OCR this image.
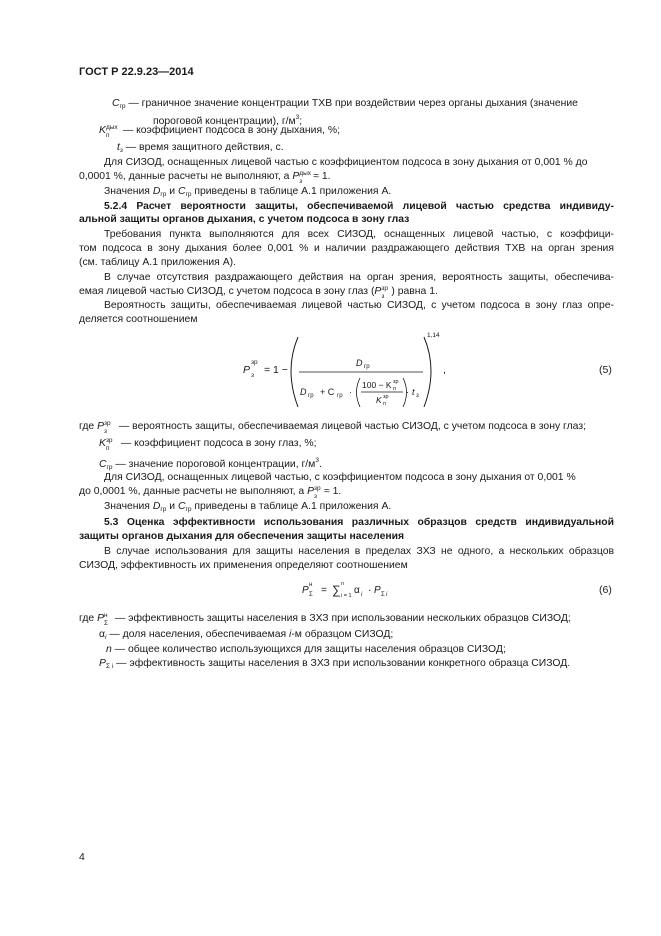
ГОСТ Р 22.9.23—2014
$C_{гр}$ — граничное значение концентрации ТХВ при воздействии через органы дыхания (значение
пороговой концентрации), $г/м^3$;
K дых
п — коэффициент подсоса в зону дыхания, %;
$t_з$ — время защитного действия, с.
Для СИЗОД, оснащенных лицевой частью с коэффициентом подсоса в зону дыхания от 0,001 % до
0,0001 %, данные расчеты не выполняют, а P дых
з ≈ 1.
Значения $D_{гр}$ и $C_{гр}$ приведены в таблице А.1 приложения А.
5.2.4 Расчет вероятности защиты, обеспечиваемой лицевой частью средства индивиду-
альной защиты органов дыхания, с учетом подсоса в зону глаз
Требования пункта выполняются для всех СИЗОД, оснащенных лицевой частью, с коэффици-
том подсоса в зону дыхания более 0,001 % и наличии раздражающего действия ТХВ на орган зрения
(см. таблицу А.1 приложения А).
В случае отсутствия раздражающего действия на орган зрения, вероятность защиты, обеспечива-
емая лицевой частью СИЗОД, с учетом подсоса в зону глаз (P зр
з ) равна 1.
Вероятность защиты, обеспечиваемая лицевой частью СИЗОД, с учетом подсоса в зону глаз опре-
деляется соотношением
P
зр
з = 1 −
1,14
,
D гр
D гр + C гр ·
100 − K зр
п
K зр
п
· t з
(5)
где P зр
з — вероятность защиты, обеспечиваемая лицевой частью СИЗОД, с учетом подсоса в зону глаз;
K зр
п — коэффициент подсоса в зону глаз, %;
$C_{гр}$ — значение пороговой концентрации, $г/м^3$.
Для СИЗОД, оснащенных лицевой частью, с коэффициентом подсоса в зону дыхания от 0,001 %
до 0,0001 %, данные расчеты не выполняют, а P зр
з ≈ 1.
Значения $D_{гр}$ и $C_{гр}$ приведены в таблице А.1 приложения А.
5.3 Оценка эффективности использования различных образцов средств индивидуальной
защиты органов дыхания для обеспечения защиты населения
В случае использования для защиты населения в пределах ЗХЗ не одного, а нескольких образцов
СИЗОД, эффективность их применения определяют соотношением
P н
Σ = ∑ n
i = 1 α i · P Σ i	(6)
где P н
Σ — эффективность защиты населения в ЗХЗ при использовании нескольких образцов СИЗОД;
$\alpha_i$ — доля населения, обеспечиваемая i-м образцом СИЗОД;
n — общее количество использующихся для защиты населения образцов СИЗОД;
$P_{\Sigma i}$ — эффективность защиты населения в ЗХЗ при использовании конкретного образца СИЗОД.
4
